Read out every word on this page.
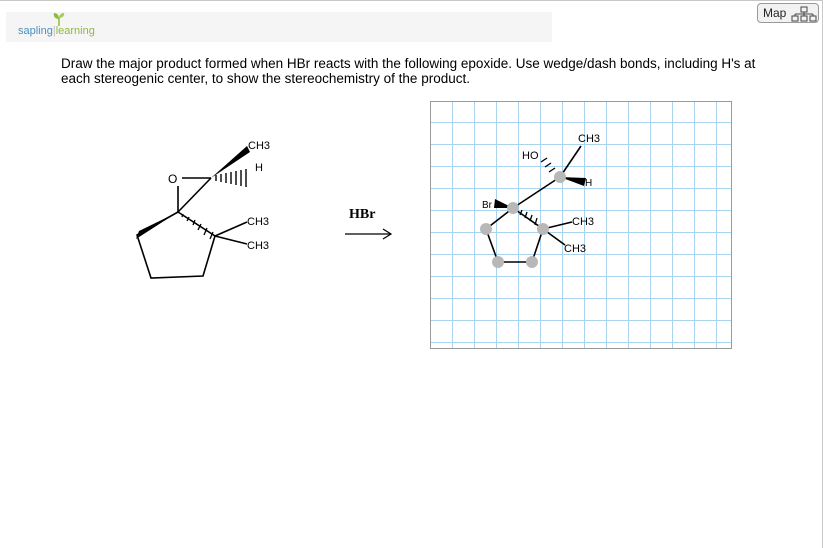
sapling|learning
Map
Draw the major product formed when HBr reacts with the following epoxide. Use wedge/dash bonds, including H's at each stereogenic center, to show the stereochemistry of the product.
O
H
CH3
CH3
CH3
HBr
HO
CH3
H
Br
CH3
CH3
